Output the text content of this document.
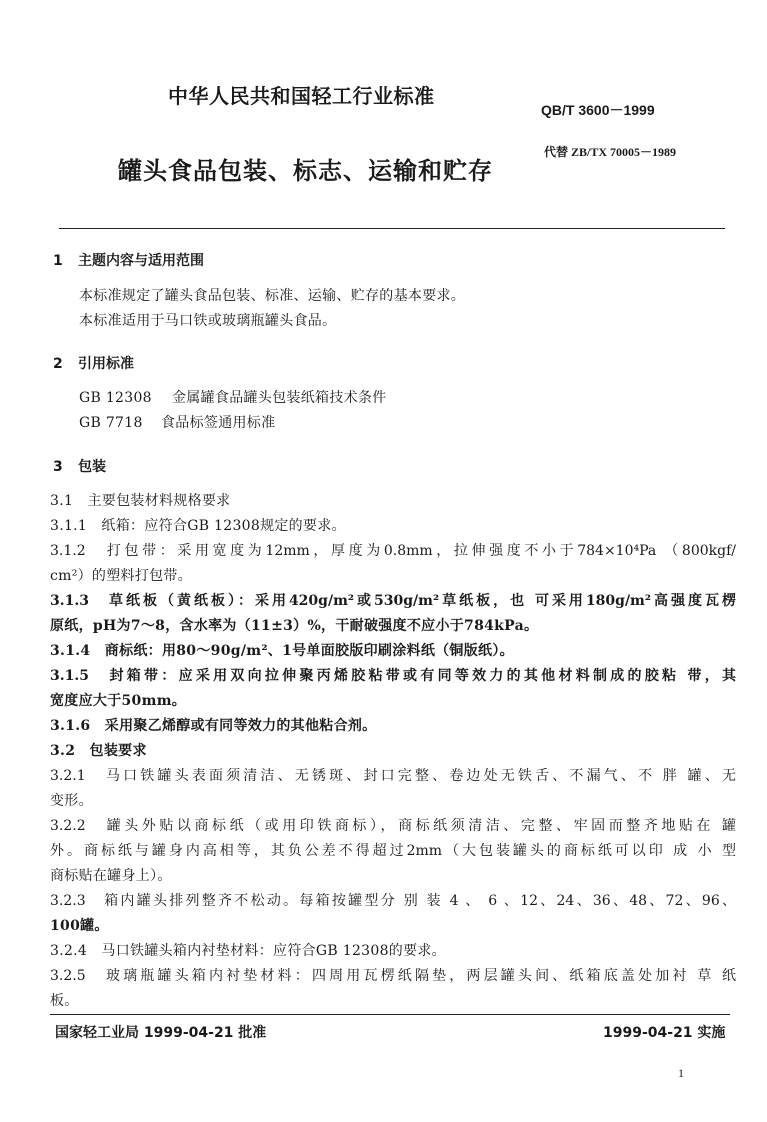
中华人民共和国轻工行业标准
QB/T 3600－1999
罐头食品包装、标志、运输和贮存
代替 ZB/TX 70005－1989
1 主题内容与适用范围
本标准规定了罐头食品包装、标准、运输、贮存的基本要求。
本标准适用于马口铁或玻璃瓶罐头食品。
2 引用标准
GB 12308 金属罐食品罐头包装纸箱技术条件
GB 7718 食品标签通用标准
3 包装
3.1　主要包装材料规格要求
3.1.1　纸箱：应符合GB 12308规定的要求。
3.1.2　打包带：采用宽度为12mm，厚度为0.8mm，拉伸强度不小于784×10⁴Pa （800kgf/
cm²）的塑料打包带。
3.1.3　草纸板（黄纸板）：采用420g/m²或530g/m²草纸板，也 可采用180g/m²高强度瓦楞
原纸，pH为7～8，含水率为（11±3）%，干耐破强度不应小于784kPa。
3.1.4　商标纸：用80～90g/m²、1号单面胶版印刷涂料纸（铜版纸）。
3.1.5　封箱带：应采用双向拉伸聚丙烯胶粘带或有同等效力的其他材料制成的胶粘 带，其
宽度应大于50mm。
3.1.6　采用聚乙烯醇或有同等效力的其他粘合剂。
3.2　包装要求
3.2.1　马口铁罐头表面须清洁、无锈斑、封口完整、卷边处无铁舌、不漏气、不 胖 罐、无
变形。
3.2.2　罐头外贴以商标纸（或用印铁商标），商标纸须清洁、完整、牢固而整齐地贴在 罐
外。商标纸与罐身内高相等，其负公差不得超过2mm（大包装罐头的商标纸可以印 成 小 型
商标贴在罐身上）。
3.2.3　箱内罐头排列整齐不松动。每箱按罐型分 别 装 4 、 6 、12、24、36、48、72、96、
100罐。
3.2.4　马口铁罐头箱内衬垫材料：应符合GB 12308的要求。
3.2.5　玻璃瓶罐头箱内衬垫材料：四周用瓦楞纸隔垫，两层罐头间、纸箱底盖处加衬 草 纸
板。
国家轻工业局 1999-04-21 批准	1999-04-21 实施
1
